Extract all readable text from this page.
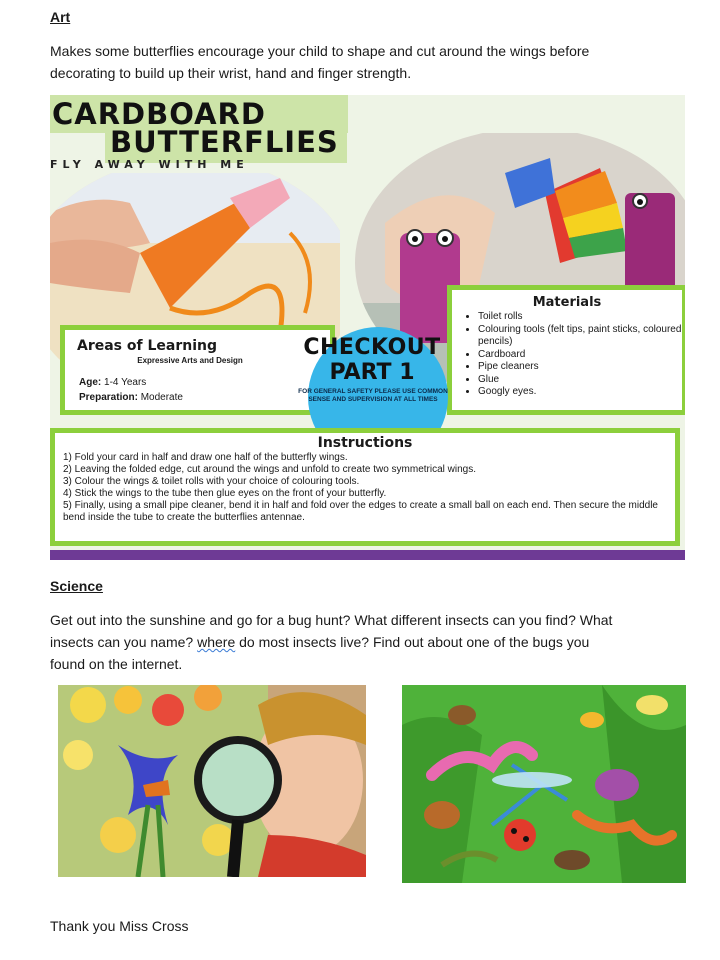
Art
Makes some butterflies encourage your child to shape and cut around the wings before
decorating to build up their wrist, hand and finger strength.
CARDBOARD
BUTTERFLIES
FLY AWAY WITH ME
Areas of Learning
Expressive Arts and Design
Age: 1-4 Years
Preparation: Moderate
Materials
• Toilet rolls
• Colouring tools (felt tips, paint sticks, coloured pencils)
• Cardboard
• Pipe cleaners
• Glue
• Googly eyes.
CHECKOUT
PART 1
FOR GENERAL SAFETY PLEASE USE COMMON SENSE AND SUPERVISION AT ALL TIMES
Instructions
1) Fold your card in half and draw one half of the butterfly wings.
2) Leaving the folded edge, cut around the wings and unfold to create two symmetrical wings.
3) Colour the wings & toilet rolls with your choice of colouring tools.
4) Stick the wings to the tube then glue eyes on the front of your butterfly.
5) Finally, using a small pipe cleaner, bend it in half and fold over the edges to create a small ball on each end. Then secure the middle bend inside the tube to create the butterflies antennae.
Science
Get out into the sunshine and go for a bug hunt? What different insects can you find? What
insects can you name? where do most insects live? Find out about one of the bugs you
found on the internet.
Thank you Miss Cross
